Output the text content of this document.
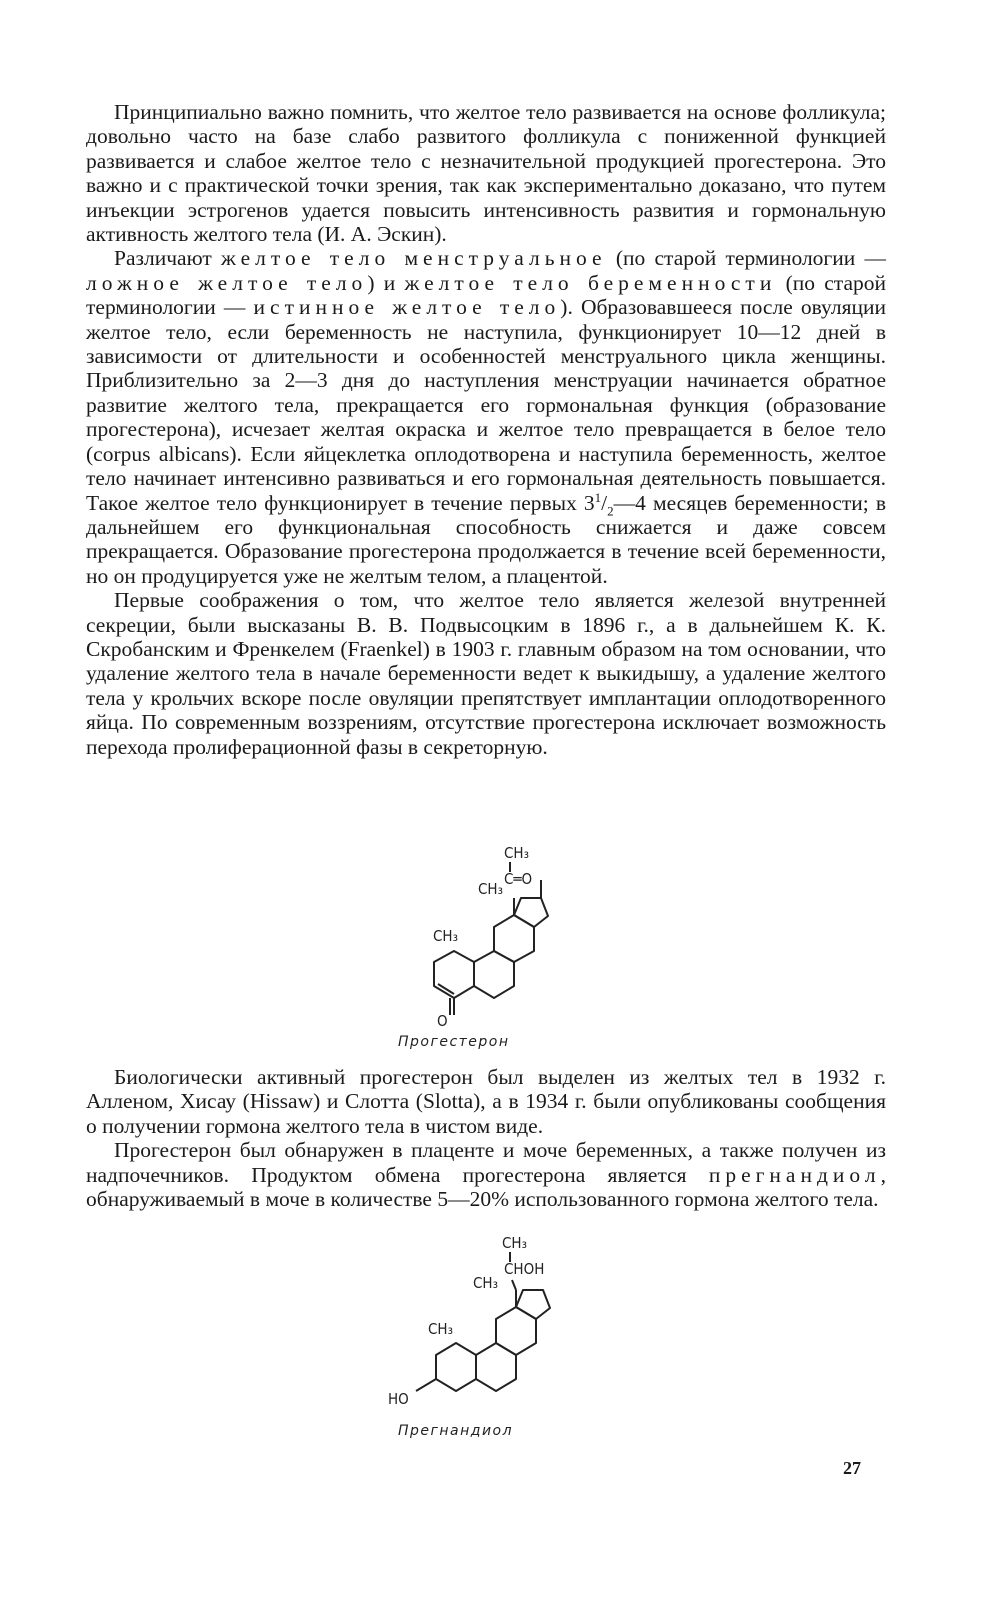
Принципиально важно помнить, что желтое тело развивается на основе фолликула; довольно часто на базе слабо развитого фолликула с пониженной функцией развивается и слабое желтое тело с незначительной продукцией прогестерона. Это важно и с практической точки зрения, так как экспериментально доказано, что путем инъекции эстрогенов удается повысить интенсивность развития и гормональную активность желтого тела (И. А. Эскин).

Различают желтое тело менструальное (по старой терминологии — ложное желтое тело) и желтое тело беременности (по старой терминологии — истинное желтое тело). Образовавшееся после овуляции желтое тело, если беременность не наступила, функционирует 10—12 дней в зависимости от длительности и особенностей менструального цикла женщины. Приблизительно за 2—3 дня до наступления менструации начинается обратное развитие желтого тела, прекращается его гормональная функция (образование прогестерона), исчезает желтая окраска и желтое тело превращается в белое тело (corpus albicans). Если яйцеклетка оплодотворена и наступила беременность, желтое тело начинает интенсивно развиваться и его гормональная деятельность повышается. Такое желтое тело функционирует в течение первых $3^1/_2—4$ месяцев беременности; в дальнейшем его функциональная способность снижается и даже совсем прекращается. Образование прогестерона продолжается в течение всей беременности, но он продуцируется уже не желтым телом, а плацентой.

Первые соображения о том, что желтое тело является железой внутренней секреции, были высказаны В. В. Подвысоцким в 1896 г., а в дальнейшем К. К. Скробанским и Френкелем (Fraenkel) в 1903 г. главным образом на том основании, что удаление желтого тела в начале беременности ведет к выкидышу, а удаление желтого тела у крольчих вскоре после овуляции препятствует имплантации оплодотворенного яйца. По современным воззрениям, отсутствие прогестерона исключает возможность перехода пролиферационной фазы в секреторную.

CH₃
CH₃
CH₃
C═O
O
Прогестерон

Биологически активный прогестерон был выделен из желтых тел в 1932 г. Алленом, Хисау (Hissaw) и Слотта (Slotta), а в 1934 г. были опубликованы сообщения о получении гормона желтого тела в чистом виде.

Прогестерон был обнаружен в плаценте и моче беременных, а также получен из надпочечников. Продуктом обмена прогестерона является прегнандиол, обнаруживаемый в моче в количестве 5—20% использованного гормона желтого тела.

CH₃
CH₃
CH₃
CHOH
HO
Прегнандиол
27
